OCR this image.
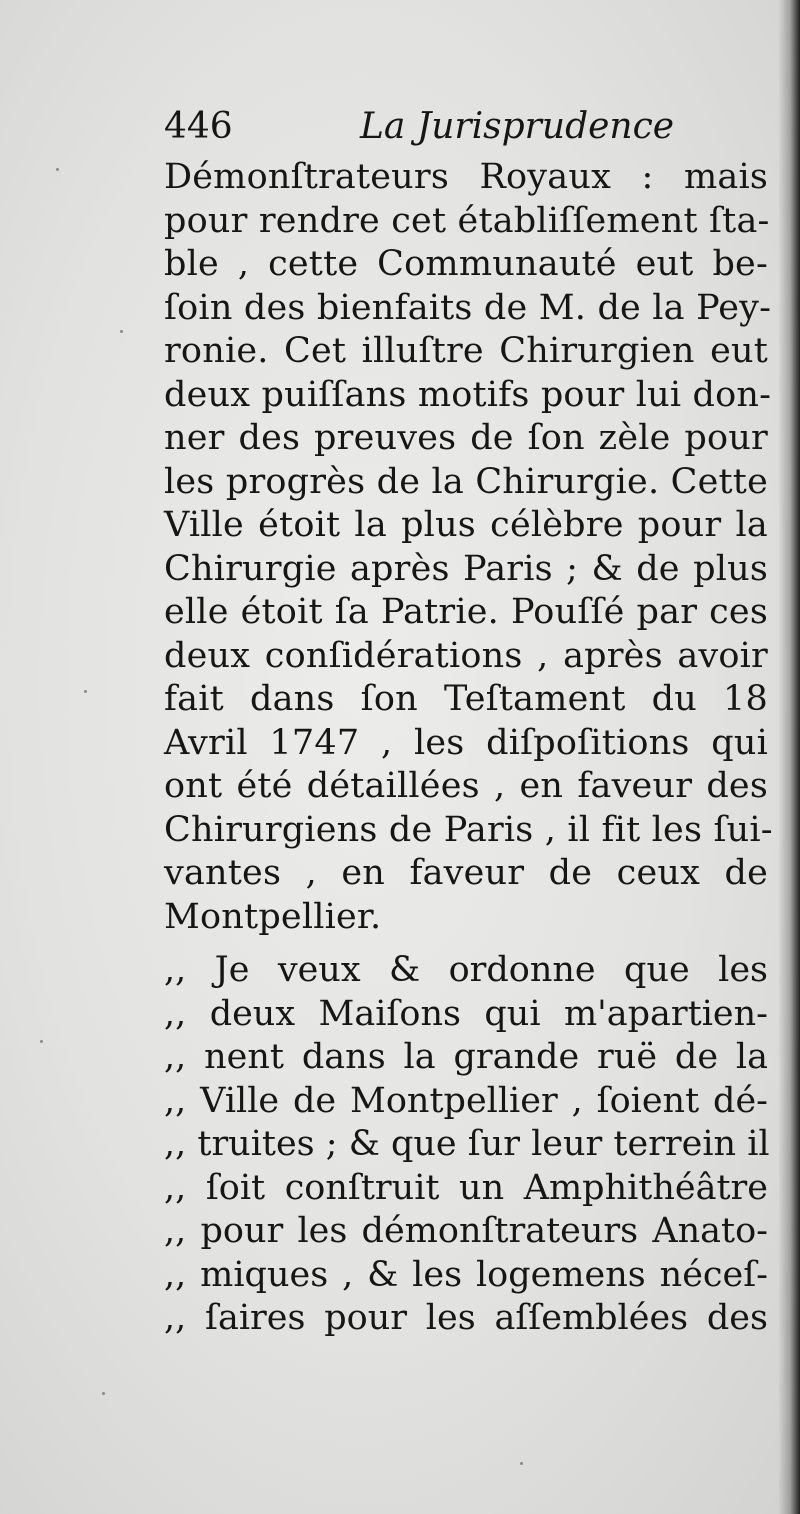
446	La Jurisprudence
Démonſtrateurs Royaux : mais
pour rendre cet établiſſement ſta-
ble , cette Communauté eut be-
ſoin des bienfaits de M. de la Pey-
ronie. Cet illuſtre Chirurgien eut
deux puiſſans motifs pour lui don-
ner des preuves de ſon zèle pour
les progrès de la Chirurgie. Cette
Ville étoit la plus célèbre pour la
Chirurgie après Paris ; & de plus
elle étoit ſa Patrie. Pouſſé par ces
deux conſidérations , après avoir
fait dans ſon Teſtament du 18
Avril 1747 , les diſpoſitions qui
ont été détaillées , en faveur des
Chirurgiens de Paris , il fit les ſui-
vantes , en faveur de ceux de
Montpellier.
,, Je veux & ordonne que les
,, deux Maiſons qui m'apartien-
,, nent dans la grande ruë de la
,, Ville de Montpellier , ſoient dé-
,, truites ; & que ſur leur terrein il
,, ſoit conſtruit un Amphithéâtre
,, pour les démonſtrateurs Anato-
,, miques , & les logemens néceſ-
,, ſaires pour les aſſemblées des
